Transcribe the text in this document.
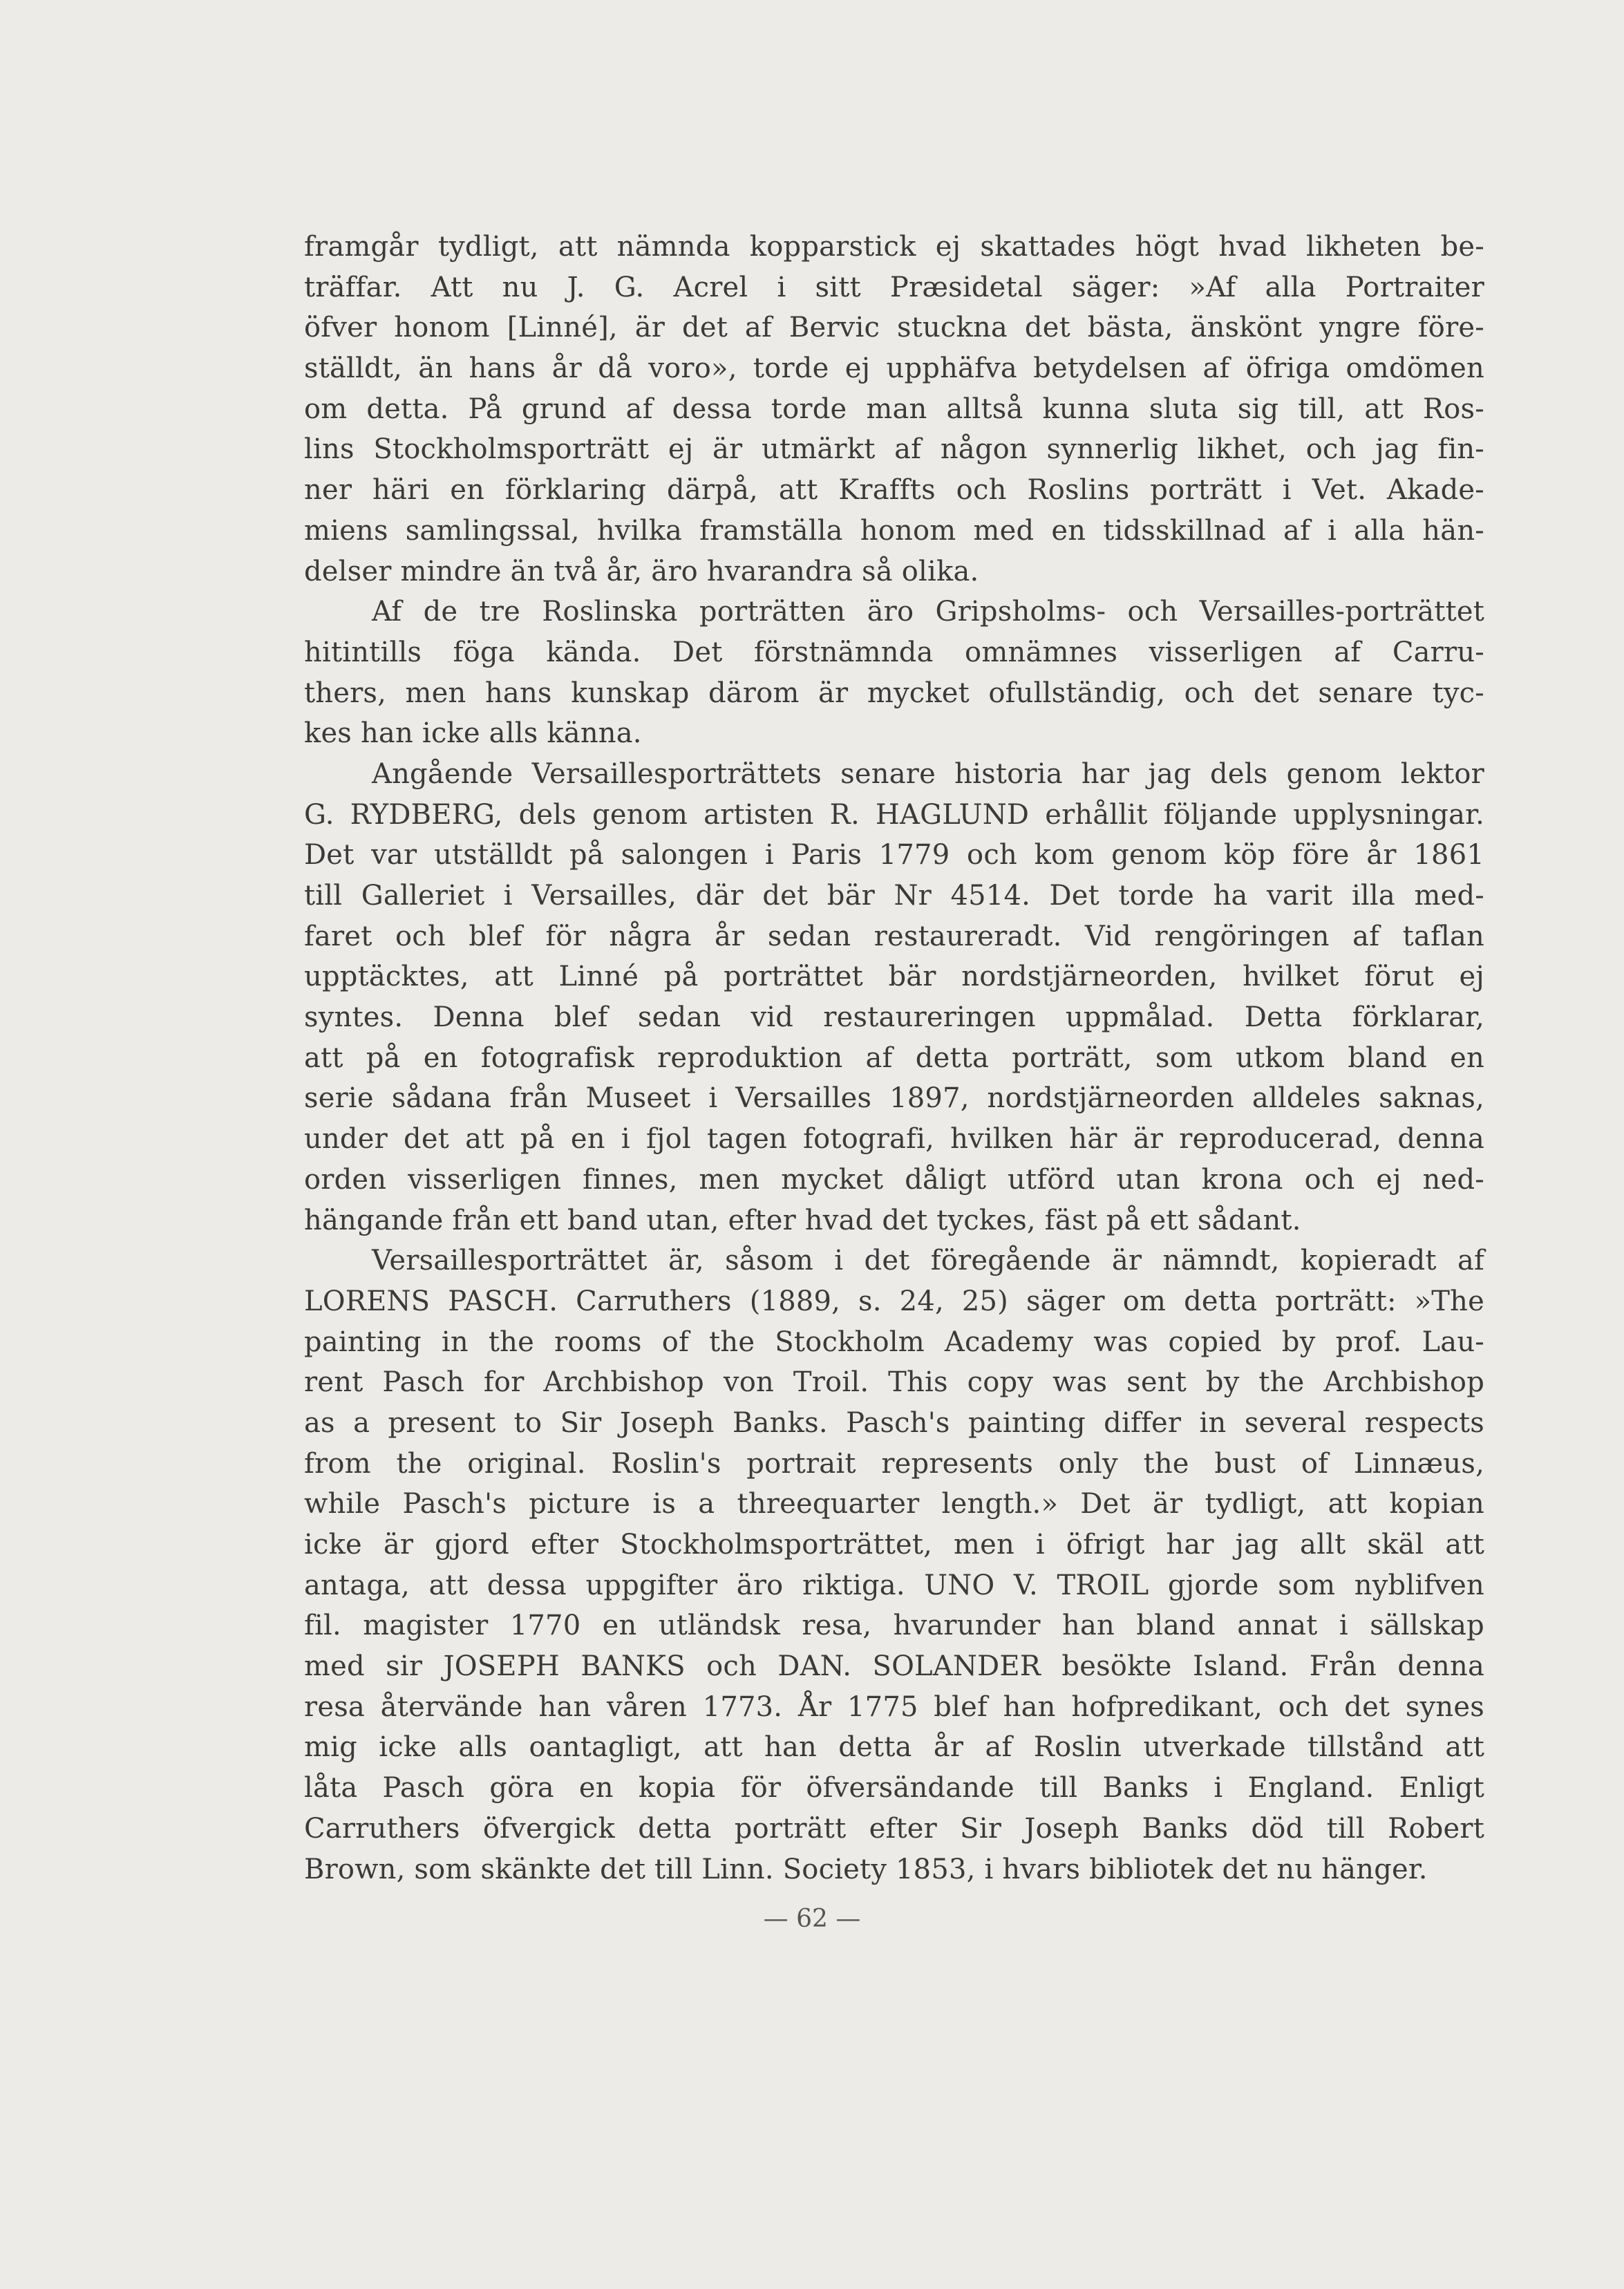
framgår tydligt, att nämnda kopparstick ej skattades högt hvad likheten be-
träffar. Att nu J. G. Acrel i sitt Præsidetal säger: »Af alla Portraiter
öfver honom [Linné], är det af Bervic stuckna det bästa, änskönt yngre före-
ställdt, än hans år då voro», torde ej upphäfva betydelsen af öfriga omdömen
om detta. På grund af dessa torde man alltså kunna sluta sig till, att Ros-
lins Stockholmsporträtt ej är utmärkt af någon synnerlig likhet, och jag fin-
ner häri en förklaring därpå, att Kraffts och Roslins porträtt i Vet. Akade-
miens samlingssal, hvilka framställa honom med en tidsskillnad af i alla hän-
delser mindre än två år, äro hvarandra så olika.
Af de tre Roslinska porträtten äro Gripsholms- och Versailles-porträttet
hitintills föga kända. Det förstnämnda omnämnes visserligen af Carru-
thers, men hans kunskap därom är mycket ofullständig, och det senare tyc-
kes han icke alls känna.
Angående Versaillesporträttets senare historia har jag dels genom lektor
G. RYDBERG, dels genom artisten R. HAGLUND erhållit följande upplysningar.
Det var utställdt på salongen i Paris 1779 och kom genom köp före år 1861
till Galleriet i Versailles, där det bär Nr 4514. Det torde ha varit illa med-
faret och blef för några år sedan restaureradt. Vid rengöringen af taflan
upptäcktes, att Linné på porträttet bär nordstjärneorden, hvilket förut ej
syntes. Denna blef sedan vid restaureringen uppmålad. Detta förklarar,
att på en fotografisk reproduktion af detta porträtt, som utkom bland en
serie sådana från Museet i Versailles 1897, nordstjärneorden alldeles saknas,
under det att på en i fjol tagen fotografi, hvilken här är reproducerad, denna
orden visserligen finnes, men mycket dåligt utförd utan krona och ej ned-
hängande från ett band utan, efter hvad det tyckes, fäst på ett sådant.
Versaillesporträttet är, såsom i det föregående är nämndt, kopieradt af
LORENS PASCH. Carruthers (1889, s. 24, 25) säger om detta porträtt: »The
painting in the rooms of the Stockholm Academy was copied by prof. Lau-
rent Pasch for Archbishop von Troil. This copy was sent by the Archbishop
as a present to Sir Joseph Banks. Pasch's painting differ in several respects
from the original. Roslin's portrait represents only the bust of Linnæus,
while Pasch's picture is a threequarter length.» Det är tydligt, att kopian
icke är gjord efter Stockholmsporträttet, men i öfrigt har jag allt skäl att
antaga, att dessa uppgifter äro riktiga. UNO V. TROIL gjorde som nyblifven
fil. magister 1770 en utländsk resa, hvarunder han bland annat i sällskap
med sir JOSEPH BANKS och DAN. SOLANDER besökte Island. Från denna
resa återvände han våren 1773. År 1775 blef han hofpredikant, och det synes
mig icke alls oantagligt, att han detta år af Roslin utverkade tillstånd att
låta Pasch göra en kopia för öfversändande till Banks i England. Enligt
Carruthers öfvergick detta porträtt efter Sir Joseph Banks död till Robert
Brown, som skänkte det till Linn. Society 1853, i hvars bibliotek det nu hänger.
— 62 —
